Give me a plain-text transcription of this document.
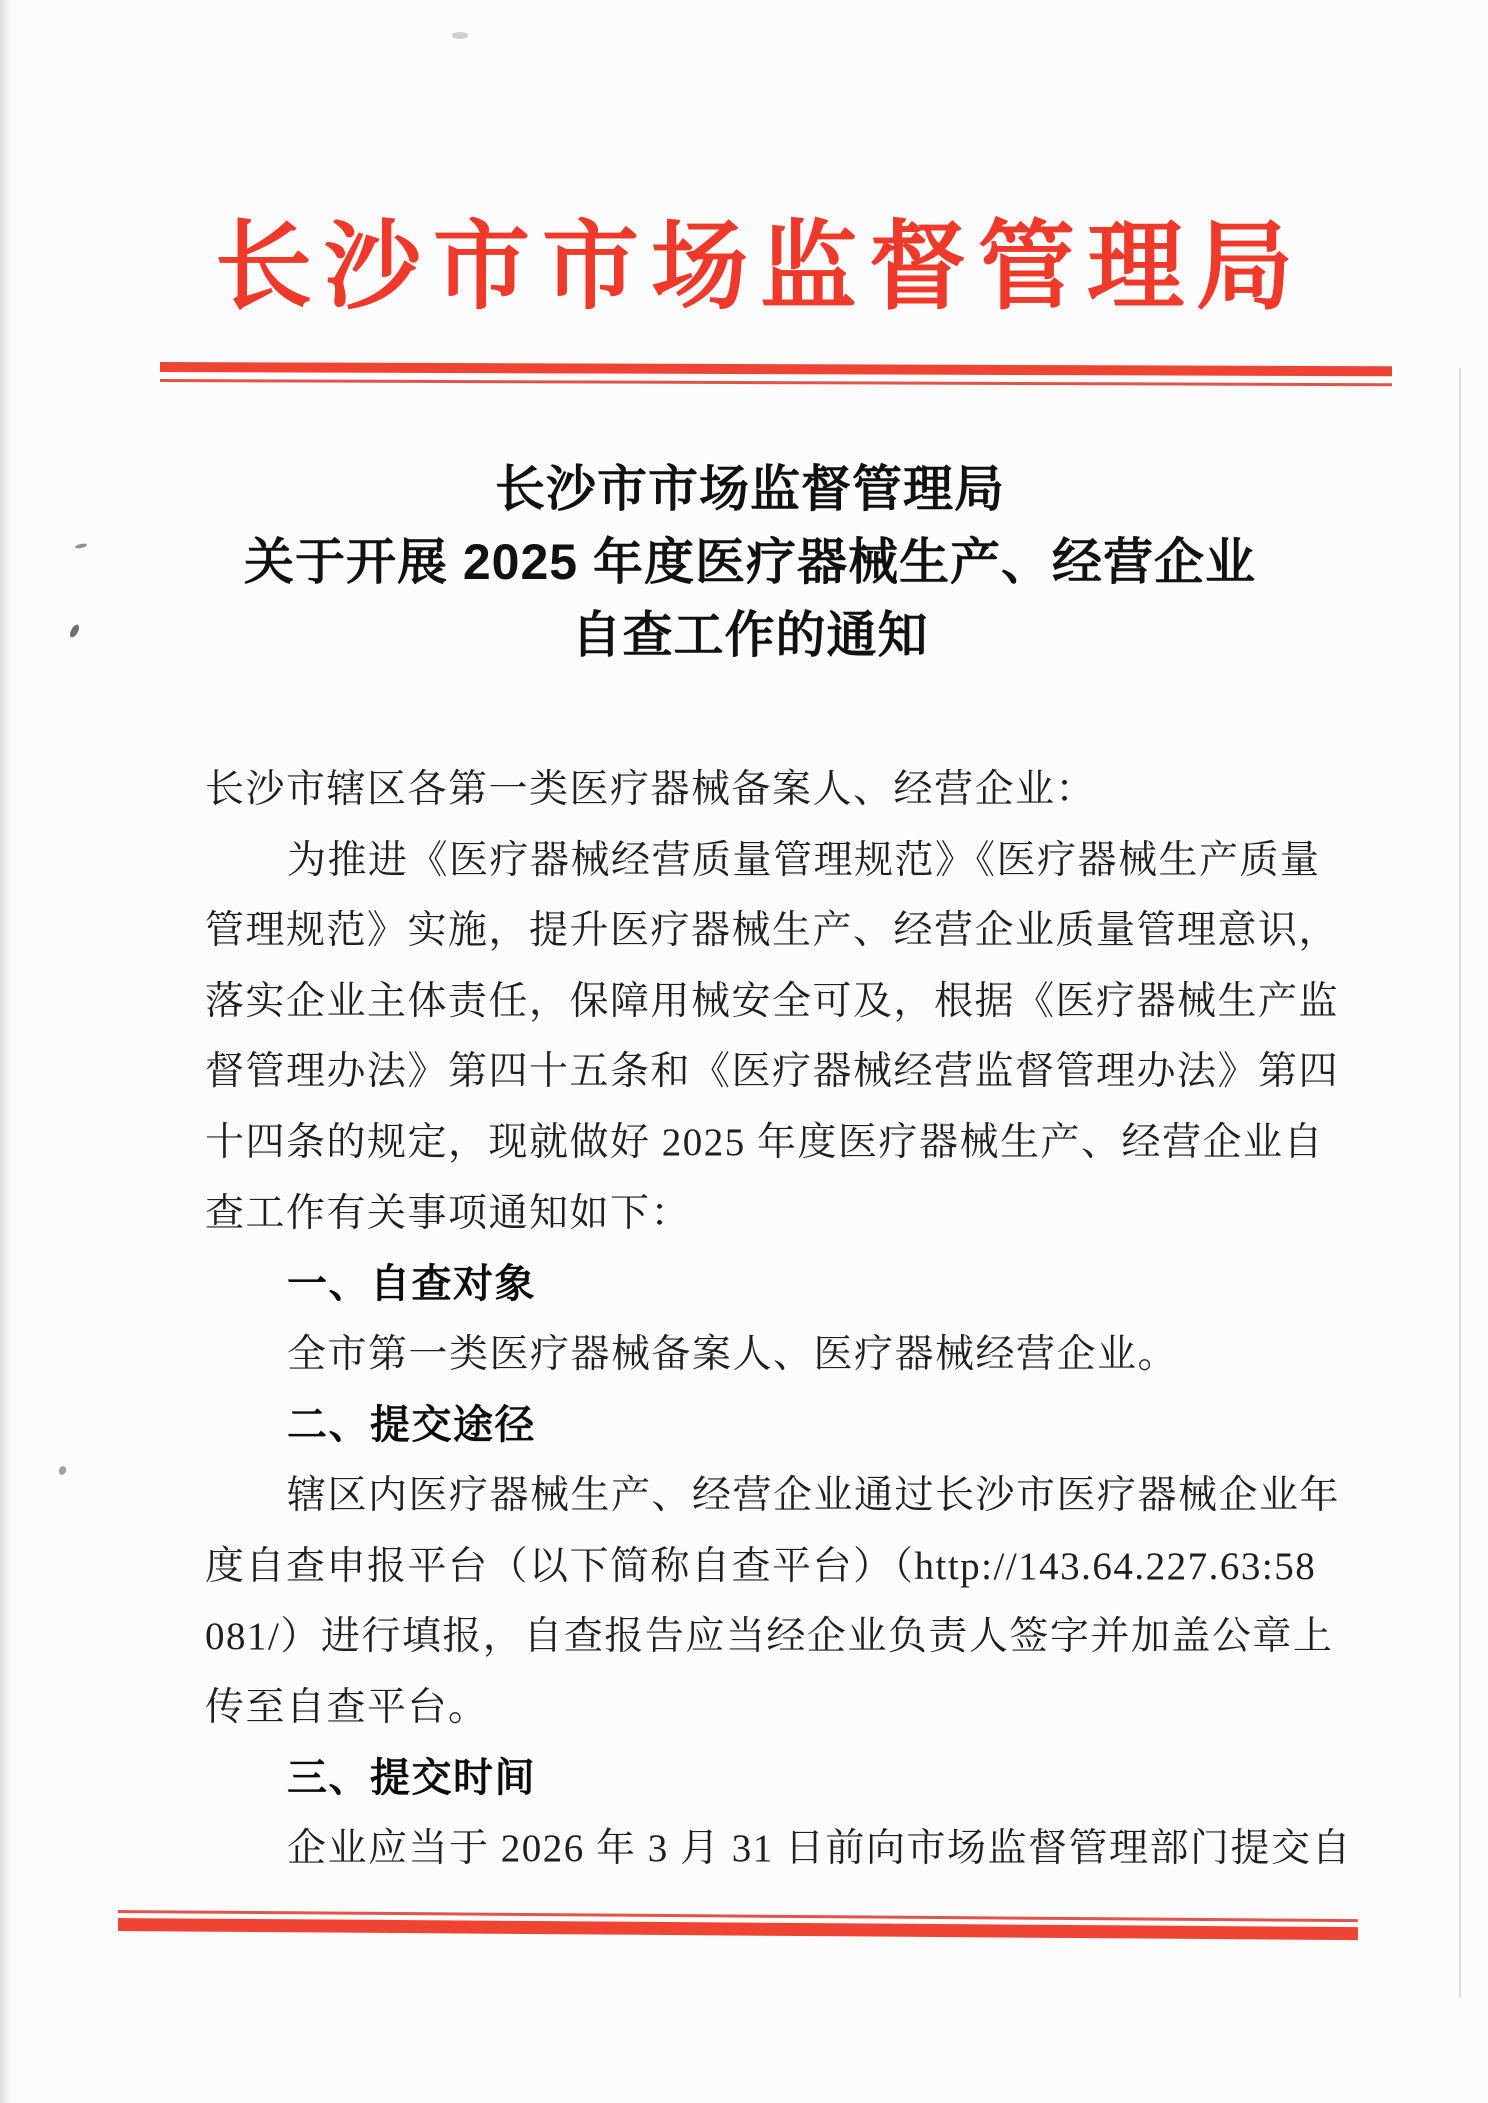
长沙市市场监督管理局
长沙市市场监督管理局
关于开展 2025 年度医疗器械生产、经营企业
自查工作的通知
长沙市辖区各第一类医疗器械备案人、经营企业：
为推进《医疗器械经营质量管理规范》《医疗器械生产质量
管理规范》实施，提升医疗器械生产、经营企业质量管理意识，
落实企业主体责任，保障用械安全可及，根据《医疗器械生产监
督管理办法》第四十五条和《医疗器械经营监督管理办法》第四
十四条的规定，现就做好 2025 年度医疗器械生产、经营企业自
查工作有关事项通知如下：
一、自查对象
全市第一类医疗器械备案人、医疗器械经营企业。
二、提交途径
辖区内医疗器械生产、经营企业通过长沙市医疗器械企业年
度自查申报平台（以下简称自查平台）（http://143.64.227.63:58
081/）进行填报，自查报告应当经企业负责人签字并加盖公章上
传至自查平台。
三、提交时间
企业应当于 2026 年 3 月 31 日前向市场监督管理部门提交自
